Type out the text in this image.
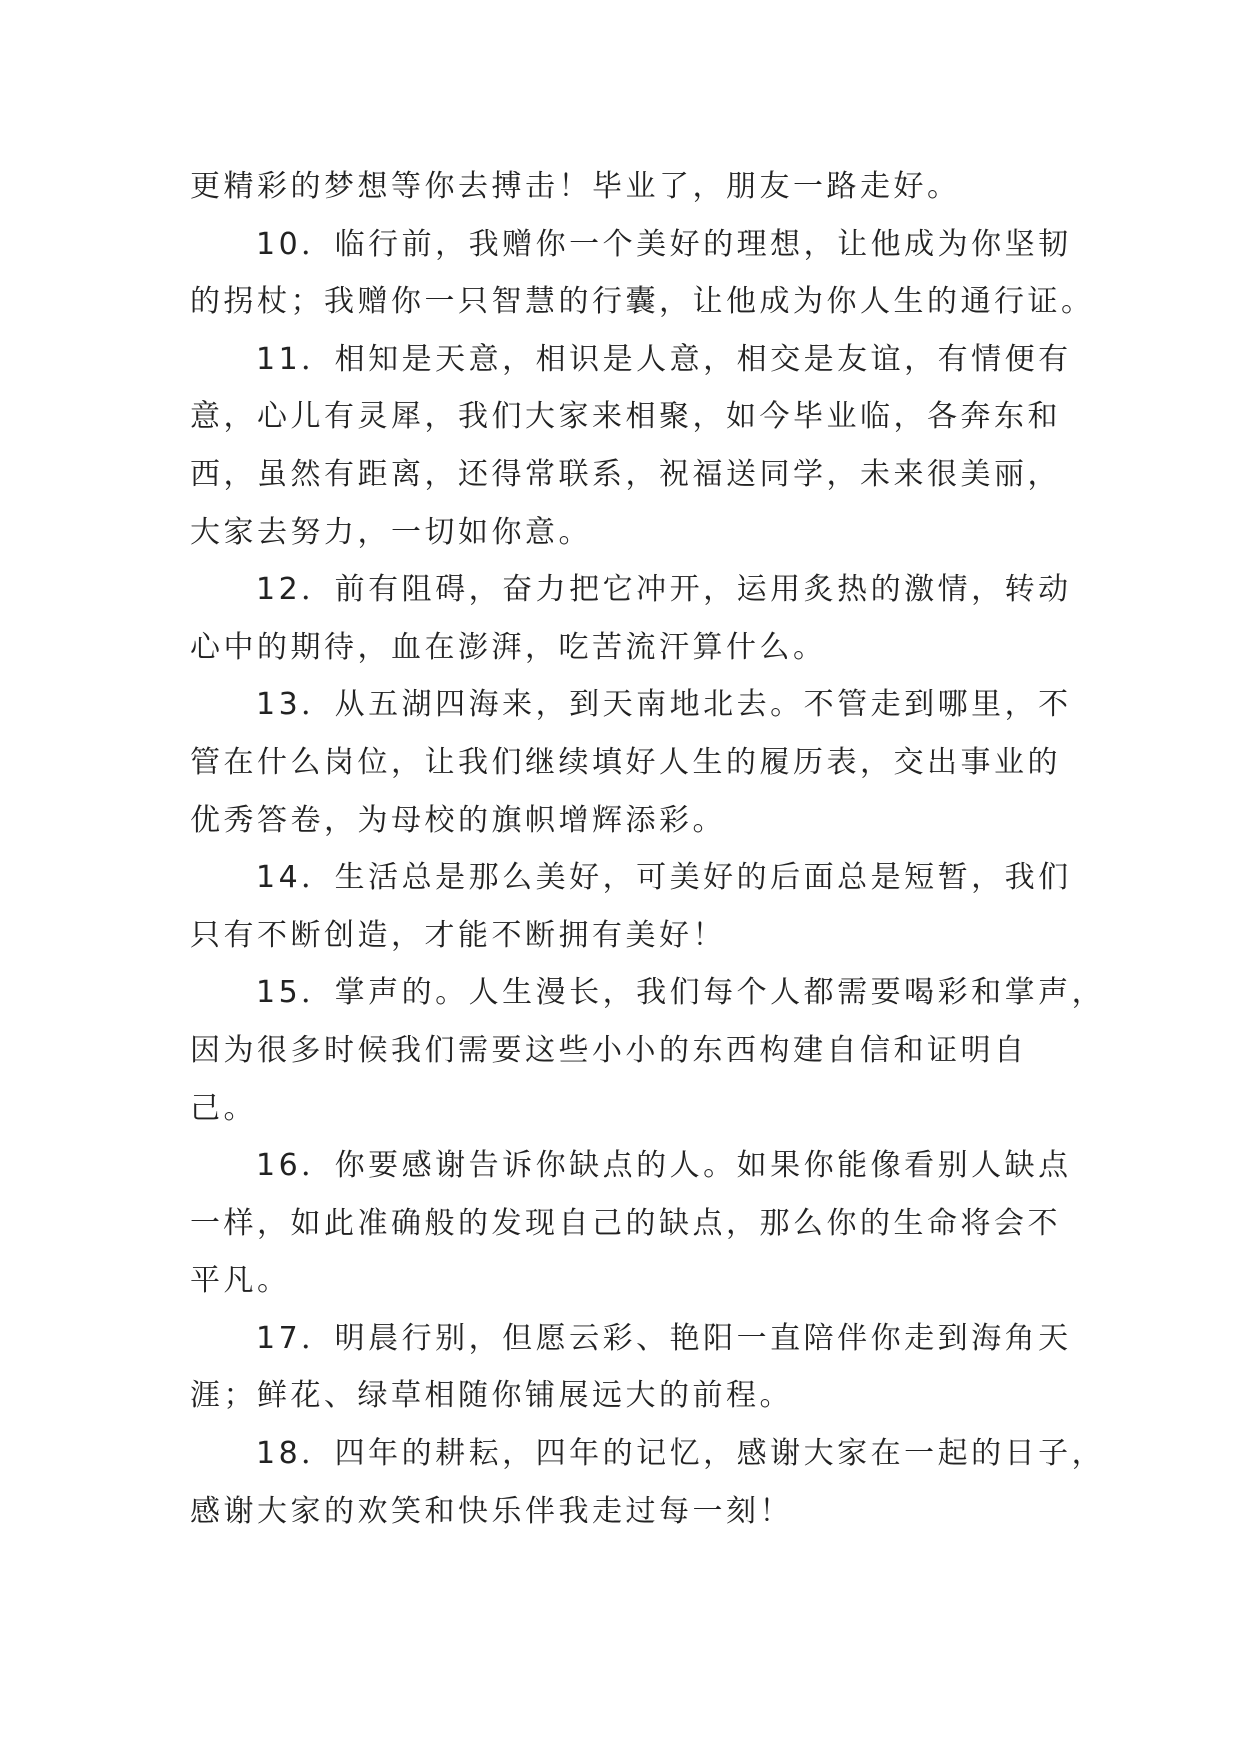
更精彩的梦想等你去搏击！毕业了，朋友一路走好。

10．临行前，我赠你一个美好的理想，让他成为你坚韧
的拐杖；我赠你一只智慧的行囊，让他成为你人生的通行证。

11．相知是天意，相识是人意，相交是友谊，有情便有
意，心儿有灵犀，我们大家来相聚，如今毕业临，各奔东和
西，虽然有距离，还得常联系，祝福送同学，未来很美丽，
大家去努力，一切如你意。

12．前有阻碍，奋力把它冲开，运用炙热的激情，转动
心中的期待，血在澎湃，吃苦流汗算什么。

13．从五湖四海来，到天南地北去。不管走到哪里，不
管在什么岗位，让我们继续填好人生的履历表，交出事业的
优秀答卷，为母校的旗帜增辉添彩。

14．生活总是那么美好，可美好的后面总是短暂，我们
只有不断创造，才能不断拥有美好！

15．掌声的。人生漫长，我们每个人都需要喝彩和掌声，
因为很多时候我们需要这些小小的东西构建自信和证明自
己。

16．你要感谢告诉你缺点的人。如果你能像看别人缺点
一样，如此准确般的发现自己的缺点，那么你的生命将会不
平凡。

17．明晨行别，但愿云彩、艳阳一直陪伴你走到海角天
涯；鲜花、绿草相随你铺展远大的前程。

18．四年的耕耘，四年的记忆，感谢大家在一起的日子，
感谢大家的欢笑和快乐伴我走过每一刻！
